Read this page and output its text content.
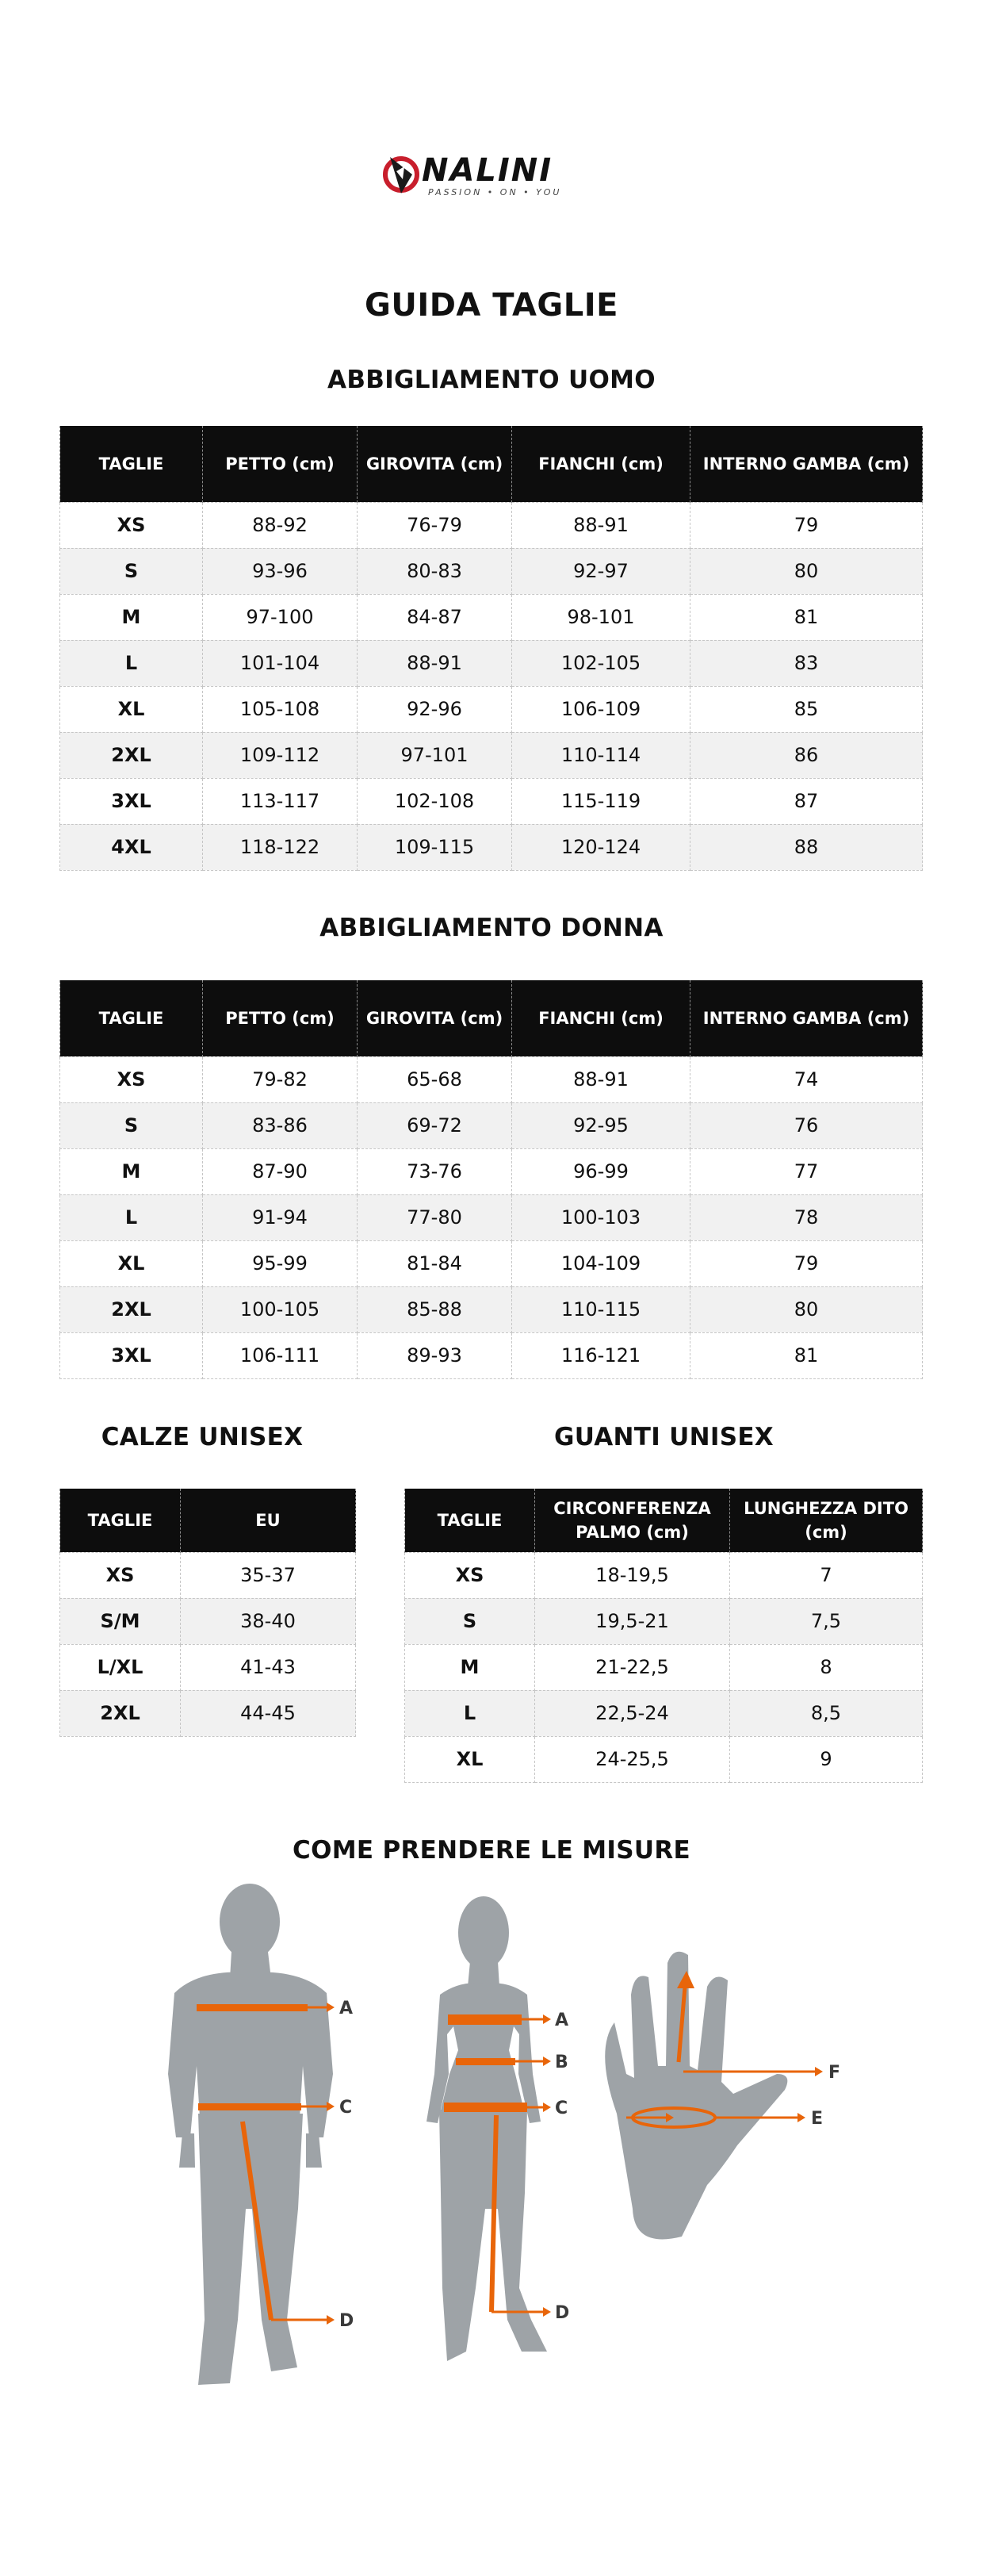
NALINI
PASSION • ON • YOU
GUIDA TAGLIE
ABBIGLIAMENTO UOMO
TAGLIE	PETTO (cm)	GIROVITA (cm)	FIANCHI (cm)	INTERNO GAMBA (cm)
XS	88-92	76-79	88-91	79
S	93-96	80-83	92-97	80
M	97-100	84-87	98-101	81
L	101-104	88-91	102-105	83
XL	105-108	92-96	106-109	85
2XL	109-112	97-101	110-114	86
3XL	113-117	102-108	115-119	87
4XL	118-122	109-115	120-124	88
ABBIGLIAMENTO DONNA
TAGLIE	PETTO (cm)	GIROVITA (cm)	FIANCHI (cm)	INTERNO GAMBA (cm)
XS	79-82	65-68	88-91	74
S	83-86	69-72	92-95	76
M	87-90	73-76	96-99	77
L	91-94	77-80	100-103	78
XL	95-99	81-84	104-109	79
2XL	100-105	85-88	110-115	80
3XL	106-111	89-93	116-121	81
CALZE UNISEX
TAGLIE	EU
XS	35-37
S/M	38-40
L/XL	41-43
2XL	44-45
GUANTI UNISEX
TAGLIE	CIRCONFERENZA PALMO (cm)	LUNGHEZZA DITO (cm)
XS	18-19,5	7
S	19,5-21	7,5
M	21-22,5	8
L	22,5-24	8,5
XL	24-25,5	9
COME PRENDERE LE MISURE
A
C
D
A
B
C
D
F
E
